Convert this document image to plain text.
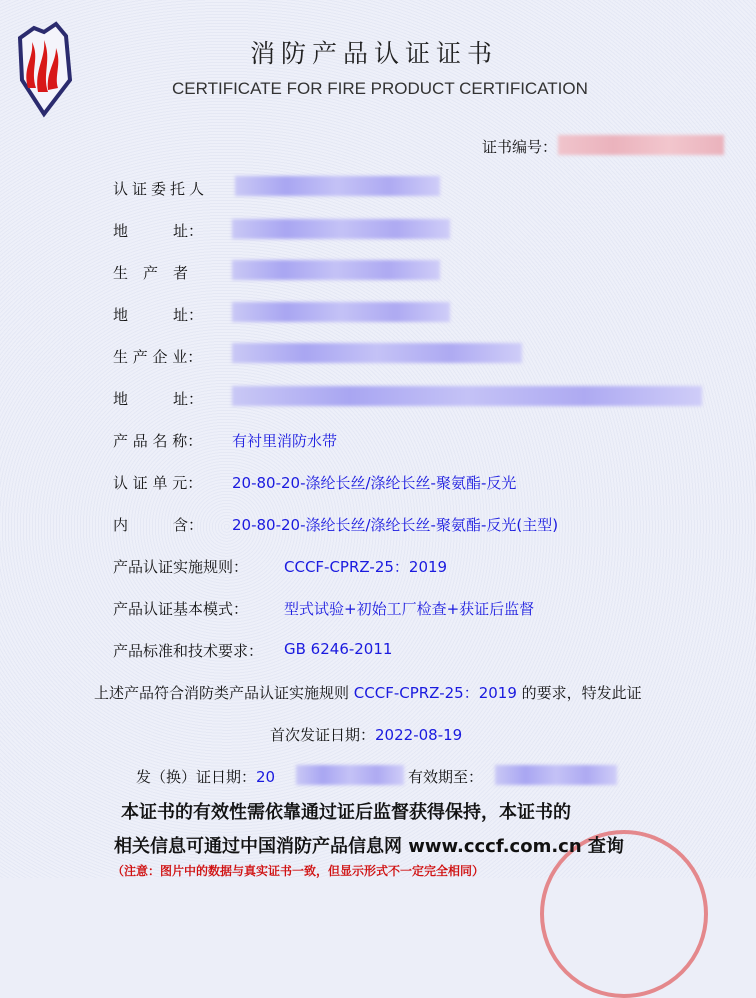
消防产品认证证书
CERTIFICATE FOR FIRE PRODUCT CERTIFICATION
证书编号：
认证委托人
地　　　址：
生　产　者
地　　　址：
生 产 企 业：
地　　　址：
产 品 名 称： 有衬里消防水带
认 证 单 元： 20-80-20-涤纶长丝/涤纶长丝-聚氨酯-反光
内　　　含： 20-80-20-涤纶长丝/涤纶长丝-聚氨酯-反光(主型)
产品认证实施规则： CCCF-CPRZ-25：2019
产品认证基本模式： 型式试验+初始工厂检查+获证后监督
产品标准和技术要求： GB 6246-2011
上述产品符合消防类产品认证实施规则 CCCF-CPRZ-25：2019 的要求，特发此证
首次发证日期：2022-08-19
发（换）证日期：20	有效期至：
本证书的有效性需依靠通过证后监督获得保持，本证书的
相关信息可通过中国消防产品信息网 www.cccf.com.cn 查询
（注意：图片中的数据与真实证书一致，但显示形式不一定完全相同）
